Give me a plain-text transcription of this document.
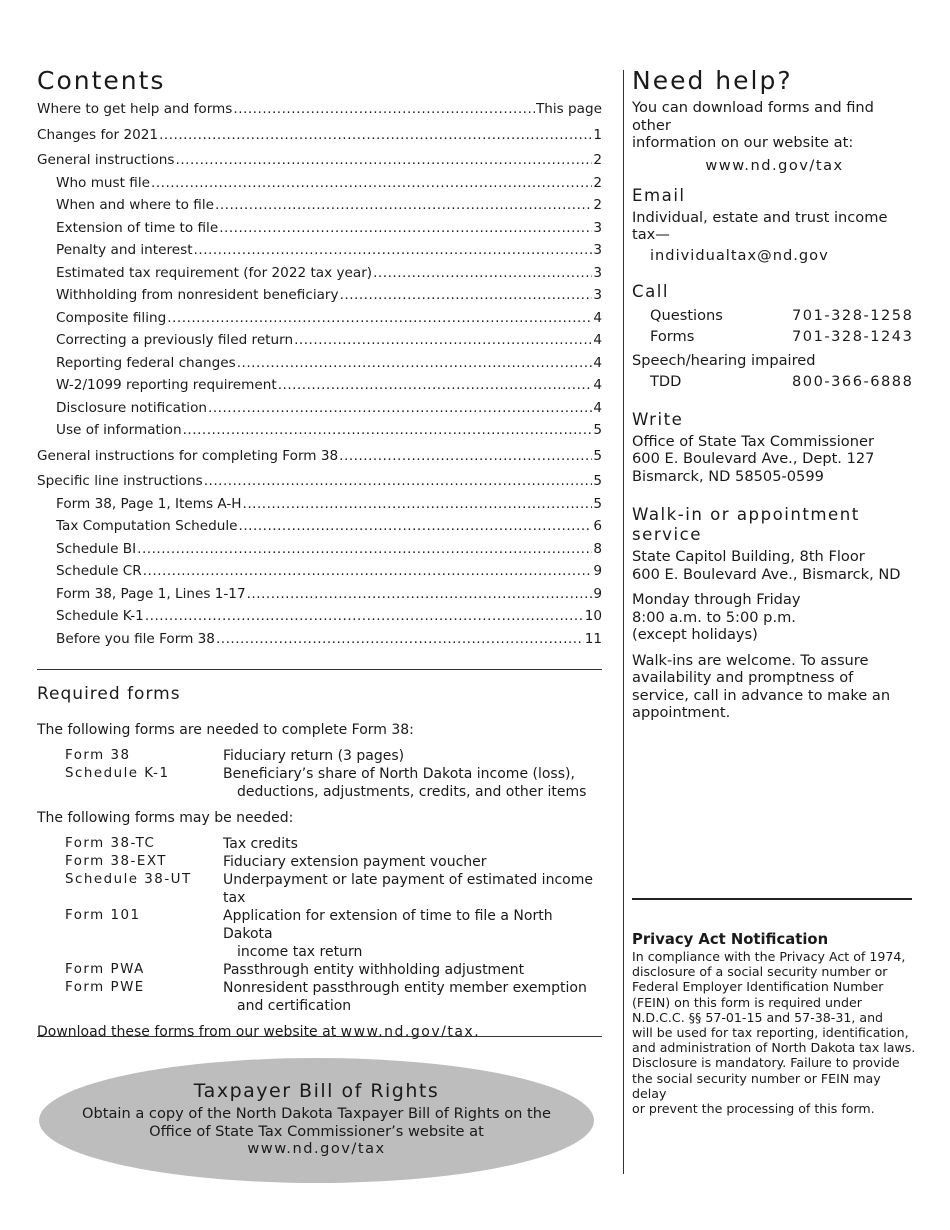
Contents
Where to get help and forms .....	This page
Changes for 2021 .....	1
General instructions .....	2
Who must file .....	2
When and where to file .....	2
Extension of time to file .....	3
Penalty and interest .....	3
Estimated tax requirement (for 2022 tax year) .....	3
Withholding from nonresident beneficiary .....	3
Composite filing .....	4
Correcting a previously filed return .....	4
Reporting federal changes .....	4
W-2/1099 reporting requirement .....	4
Disclosure notification .....	4
Use of information .....	5
General instructions for completing Form 38 .....	5
Specific line instructions .....	5
Form 38, Page 1, Items A-H .....	5
Tax Computation Schedule .....	6
Schedule BI .....	8
Schedule CR .....	9
Form 38, Page 1, Lines 1-17 .....	9
Schedule K-1 .....	10
Before you file Form 38 .....	11
Required forms
The following forms are needed to complete Form 38:
Form 38	Fiduciary return (3 pages)
Schedule K-1	Beneficiary’s share of North Dakota income (loss),
deductions, adjustments, credits, and other items
The following forms may be needed:
Form 38-TC	Tax credits
Form 38-EXT	Fiduciary extension payment voucher
Schedule 38-UT	Underpayment or late payment of estimated income tax
Form 101	Application for extension of time to file a North Dakota
income tax return
Form PWA	Passthrough entity withholding adjustment
Form PWE	Nonresident passthrough entity member exemption
and certification
Download these forms from our website at www.nd.gov/tax.
Taxpayer Bill of Rights
Obtain a copy of the North Dakota Taxpayer Bill of Rights on the
Office of State Tax Commissioner’s website at
www.nd.gov/tax
Need help?
You can download forms and find other
information on our website at:
www.nd.gov/tax
Email
Individual, estate and trust income
tax—
individualtax@nd.gov
Call
Questions	701-328-1258
Forms	701-328-1243
Speech/hearing impaired
TDD	800-366-6888
Write
Office of State Tax Commissioner
600 E. Boulevard Ave., Dept. 127
Bismarck, ND 58505-0599
Walk-in or appointment
service
State Capitol Building, 8th Floor
600 E. Boulevard Ave., Bismarck, ND
Monday through Friday
8:00 a.m. to 5:00 p.m.
(except holidays)
Walk-ins are welcome. To assure
availability and promptness of
service, call in advance to make an
appointment.
Privacy Act Notification
In compliance with the Privacy Act of 1974,
disclosure of a social security number or
Federal Employer Identification Number
(FEIN) on this form is required under
N.D.C.C. §§ 57-01-15 and 57-38-31, and
will be used for tax reporting, identification,
and administration of North Dakota tax laws.
Disclosure is mandatory. Failure to provide
the social security number or FEIN may delay
or prevent the processing of this form.
